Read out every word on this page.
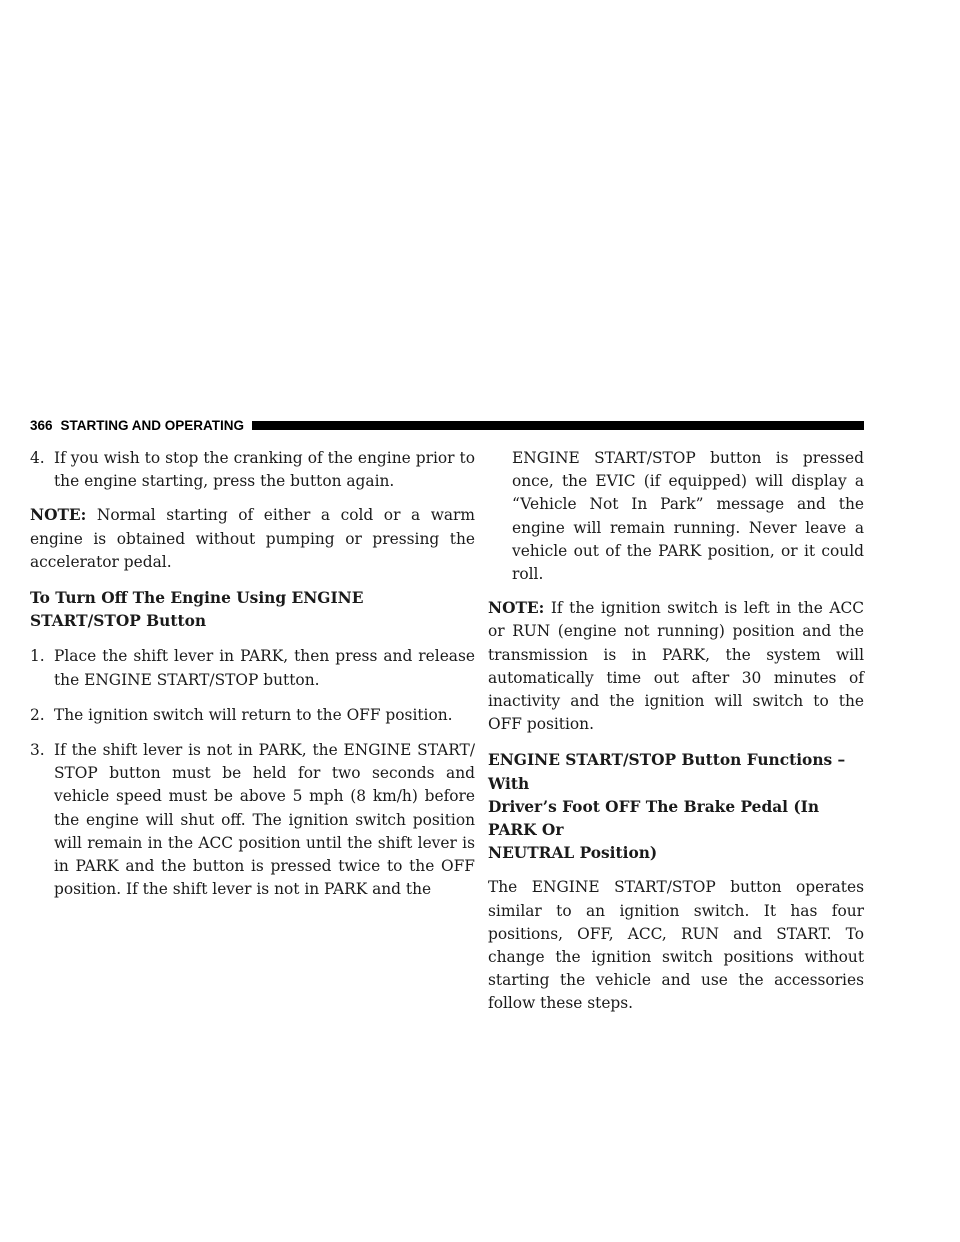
366 STARTING AND OPERATING
4. If you wish to stop the cranking of the engine prior to the engine starting, press the button again.

NOTE: Normal starting of either a cold or a warm engine is obtained without pumping or pressing the accelerator pedal.

To Turn Off The Engine Using ENGINE
START/STOP Button
1. Place the shift lever in PARK, then press and release the ENGINE START/STOP button.
2. The ignition switch will return to the OFF position.
3. If the shift lever is not in PARK, the ENGINE START/ STOP button must be held for two seconds and vehicle speed must be above 5 mph (8 km/h) before the engine will shut off. The ignition switch position will remain in the ACC position until the shift lever is in PARK and the button is pressed twice to the OFF position. If the shift lever is not in PARK and the

ENGINE START/STOP button is pressed once, the EVIC (if equipped) will display a “Vehicle Not In Park” message and the engine will remain running. Never leave a vehicle out of the PARK position, or it could roll.

NOTE: If the ignition switch is left in the ACC or RUN (engine not running) position and the transmission is in PARK, the system will automatically time out after 30 minutes of inactivity and the ignition will switch to the OFF position.

ENGINE START/STOP Button Functions – With
Driver’s Foot OFF The Brake Pedal (In PARK Or
NEUTRAL Position)

The ENGINE START/STOP button operates similar to an ignition switch. It has four positions, OFF, ACC, RUN and START. To change the ignition switch positions without starting the vehicle and use the accessories follow these steps.
